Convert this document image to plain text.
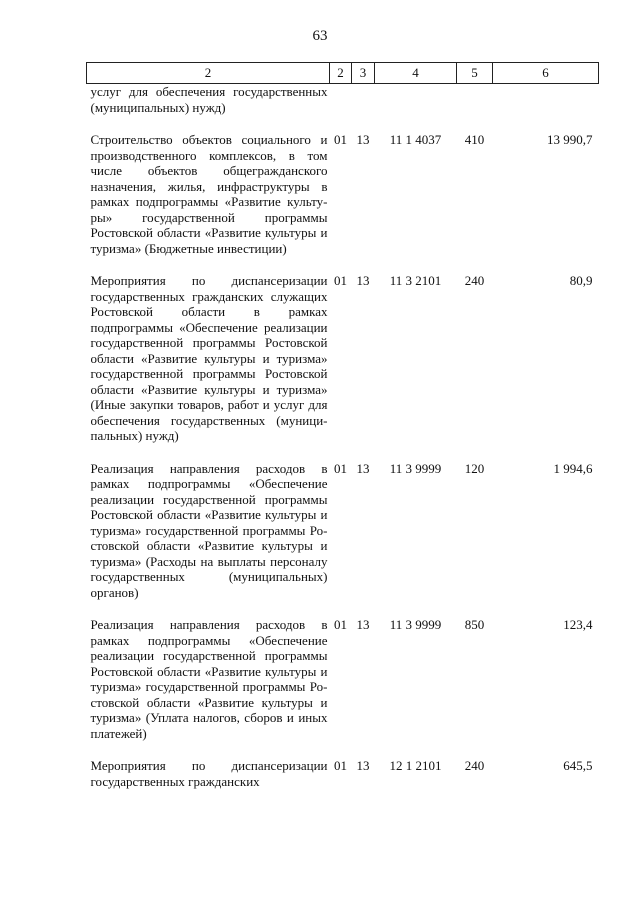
63
2	2	3	4	5	6
услуг для обеспечения государственных (муниципальных) нужд)					
Строительство объектов социального и производственного комплексов, в том числе объектов общегражданского назначения, жилья, инфраструктуры в рамках подпрограммы «Развитие культуры» государственной программы Ростовской области «Развитие культуры и туризма» (Бюджетные инвестиции)	01	13	11 1 4037	410	13 990,7
Мероприятия по диспансеризации государственных гражданских служащих Ростовской области в рамках подпрограммы «Обеспечение реализации государственной программы Ростовской области «Развитие культуры и туризма» государственной программы Ростовской области «Развитие культуры и туризма» (Иные закупки товаров, работ и услуг для обеспечения государственных (муниципальных) нужд)	01	13	11 3 2101	240	80,9
Реализация направления расходов в рамках подпрограммы «Обеспечение реализации государственной программы Ростовской области «Развитие культуры и туризма» государственной программы Ростовской области «Развитие культуры и туризма» (Расходы на выплаты персоналу государственных (муниципальных) органов)	01	13	11 3 9999	120	1 994,6
Реализация направления расходов в рамках подпрограммы «Обеспечение реализации государственной программы Ростовской области «Развитие культуры и туризма» государственной программы Ростовской области «Развитие культуры и туризма» (Уплата налогов, сборов и иных платежей)	01	13	11 3 9999	850	123,4
Мероприятия по диспансеризации государственных гражданских	01	13	12 1 2101	240	645,5
